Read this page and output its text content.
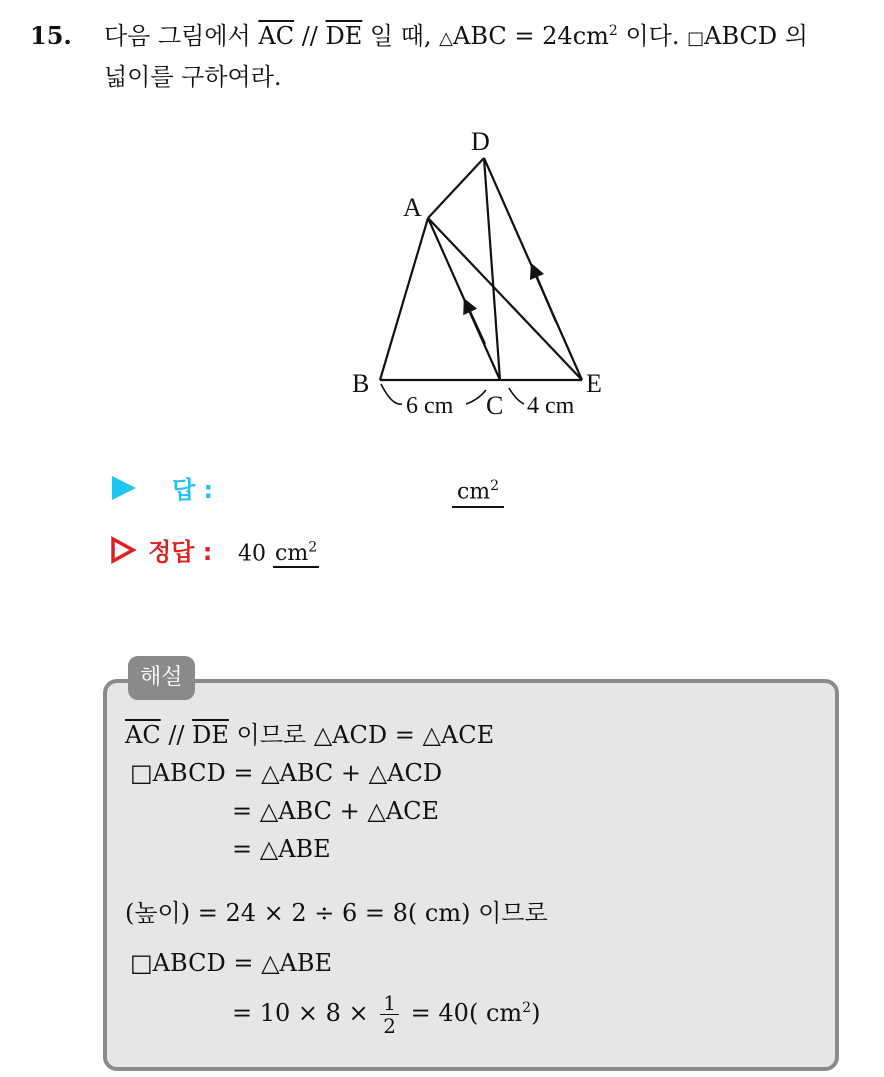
15. 다음 그림에서 $\overline{AC} // \overline{DE}$ 일 때, △ABC = $24cm^2$ 이다. □ABCD 의
넓이를 구하여라.
D
A
B
C
E
6 cm	4 cm
답 :	$cm^2$
정답 : 40 $cm^2$
해설
$\overline{AC} // \overline{DE}$ 이므로 △ACD = △ACE
□ABCD = △ABC + △ACD
= △ABC + △ACE
= △ABE
(높이) = 24 × 2 ÷ 6 = 8( cm) 이므로
□ABCD = △ABE
= $10 \times 8 \times \frac{1}{2} = 40$( $cm^2$)
